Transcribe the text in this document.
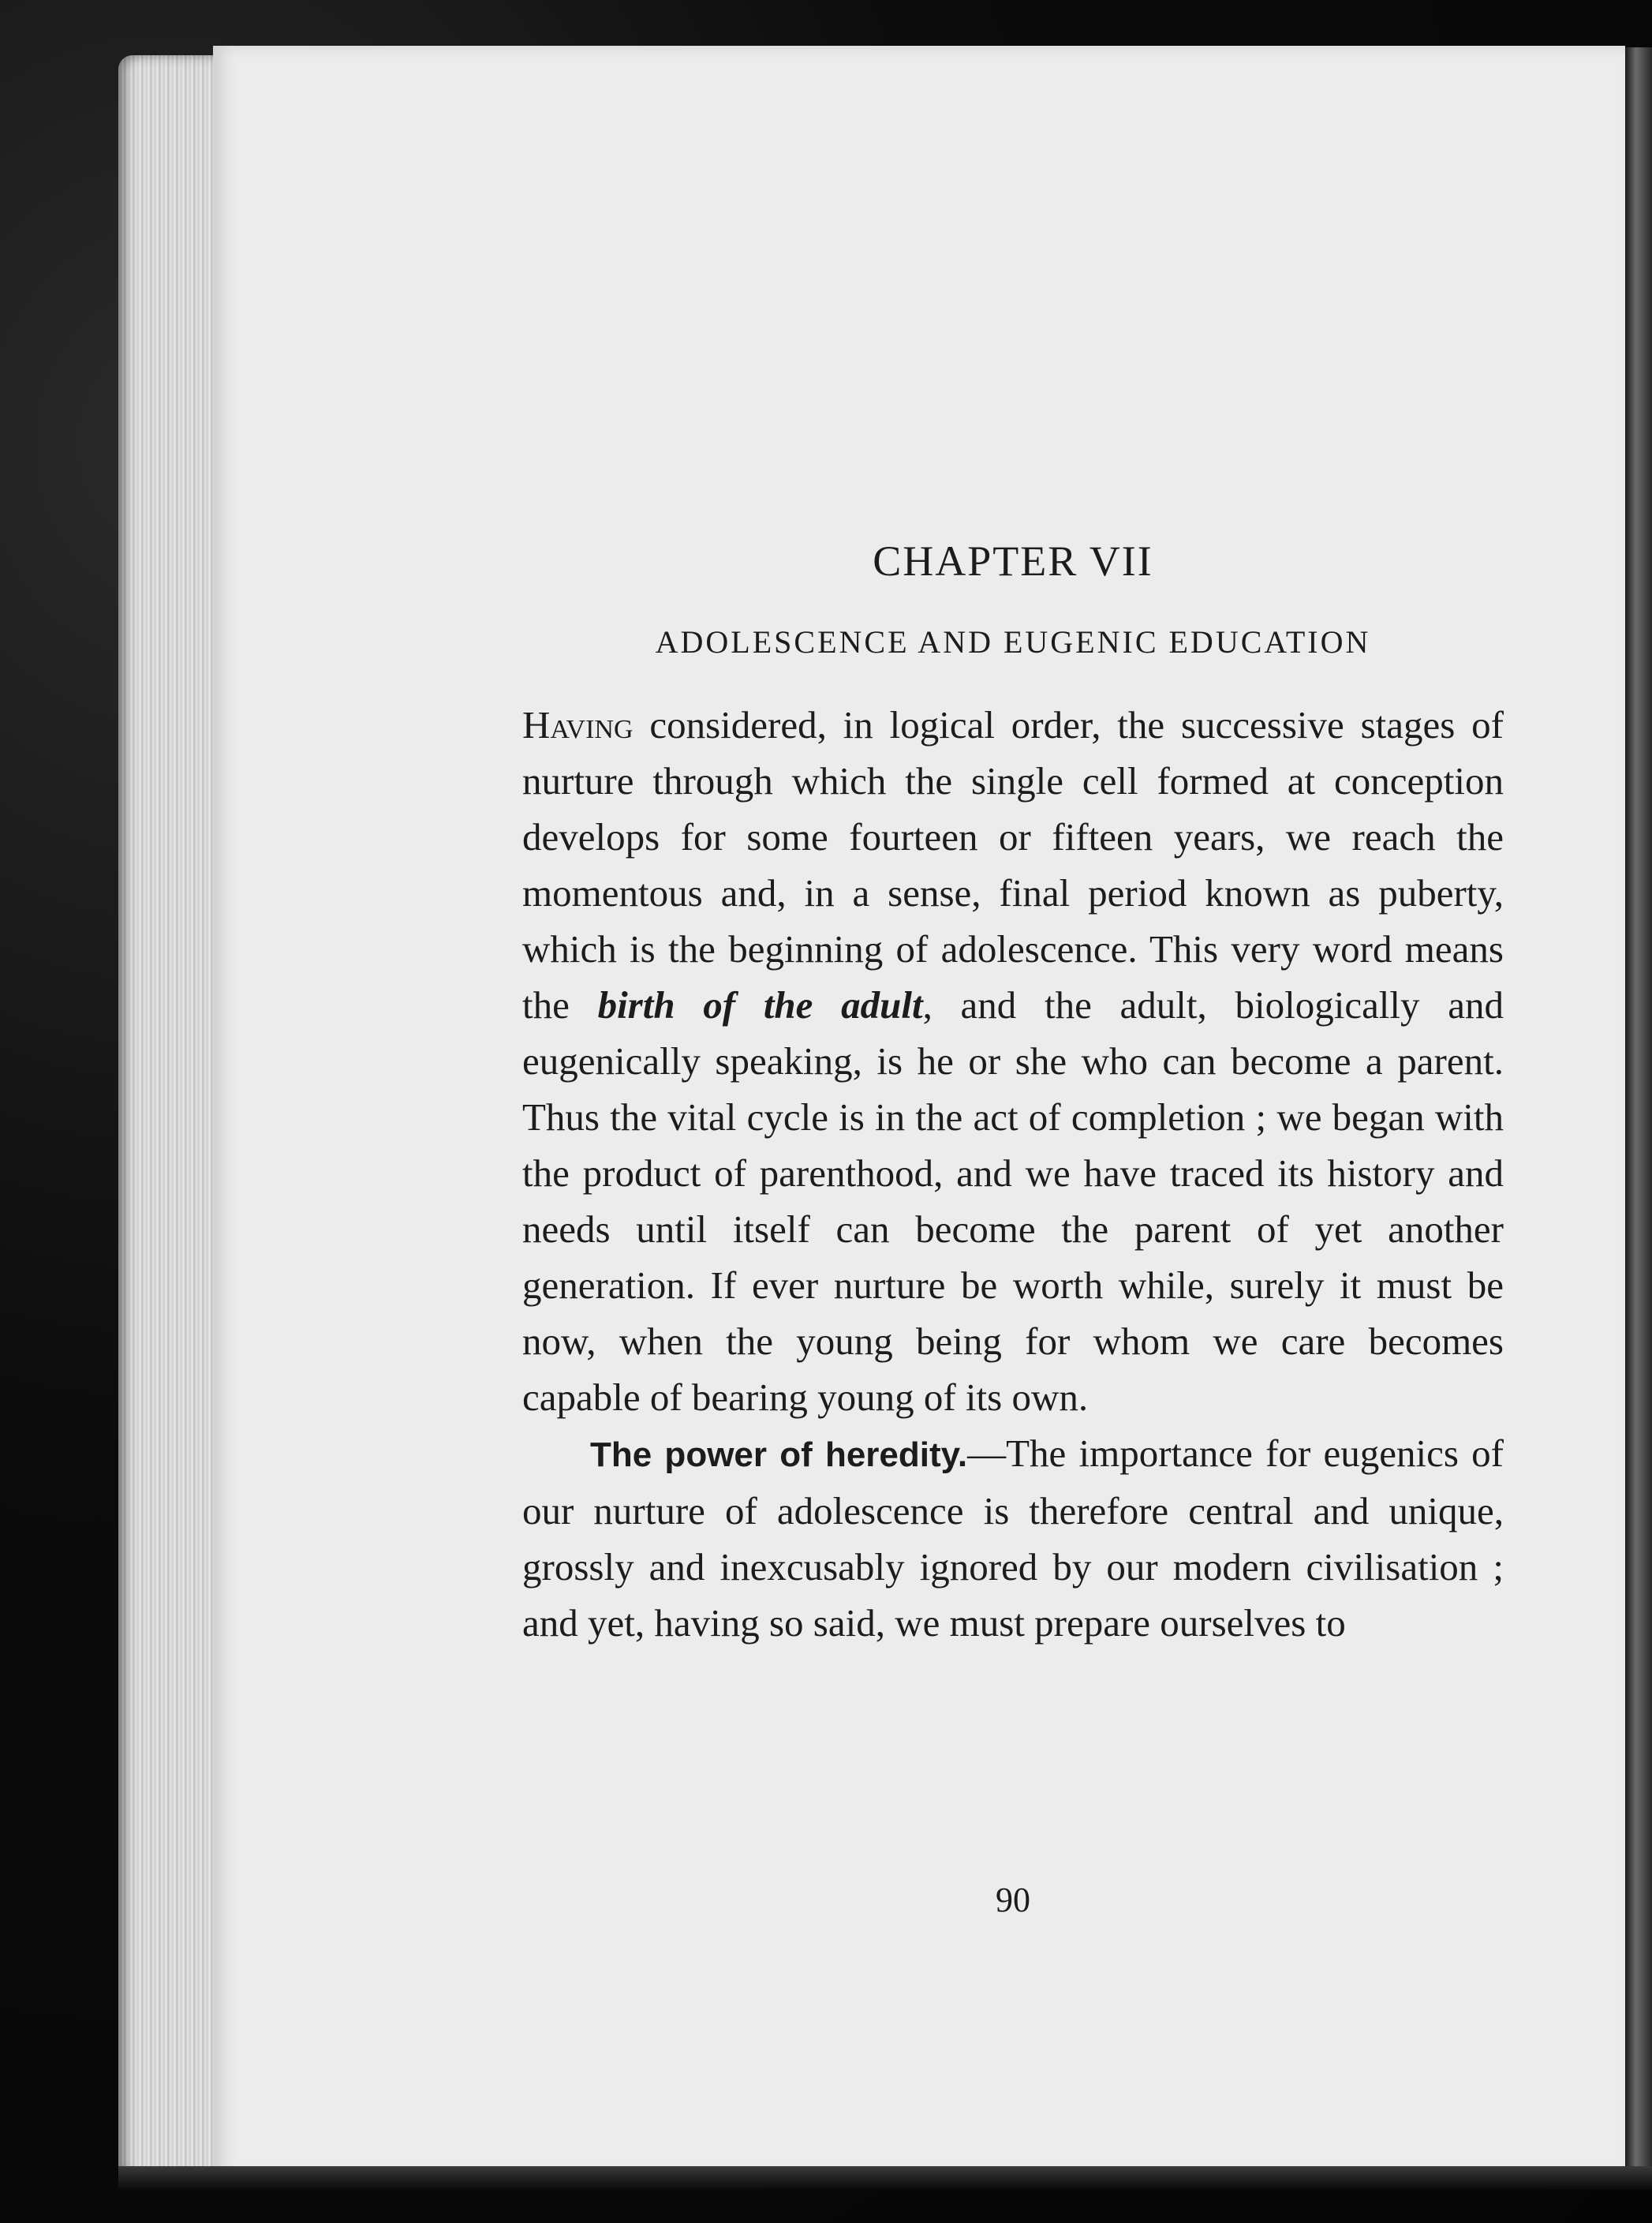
CHAPTER VII
ADOLESCENCE AND EUGENIC EDUCATION

Having considered, in logical order, the successive stages of nurture through which the single cell formed at conception develops for some fourteen or fifteen years, we reach the momentous and, in a sense, final period known as puberty, which is the beginning of adolescence. This very word means the birth of the adult, and the adult, biologically and eugenically speaking, is he or she who can become a parent. Thus the vital cycle is in the act of completion ; we began with the product of parenthood, and we have traced its history and needs until itself can become the parent of yet another generation. If ever nurture be worth while, surely it must be now, when the young being for whom we care becomes capable of bearing young of its own.

The power of heredity.—The importance for eugenics of our nurture of adolescence is therefore central and unique, grossly and inexcusably ignored by our modern civilisation ; and yet, having so said, we must prepare ourselves to

90
